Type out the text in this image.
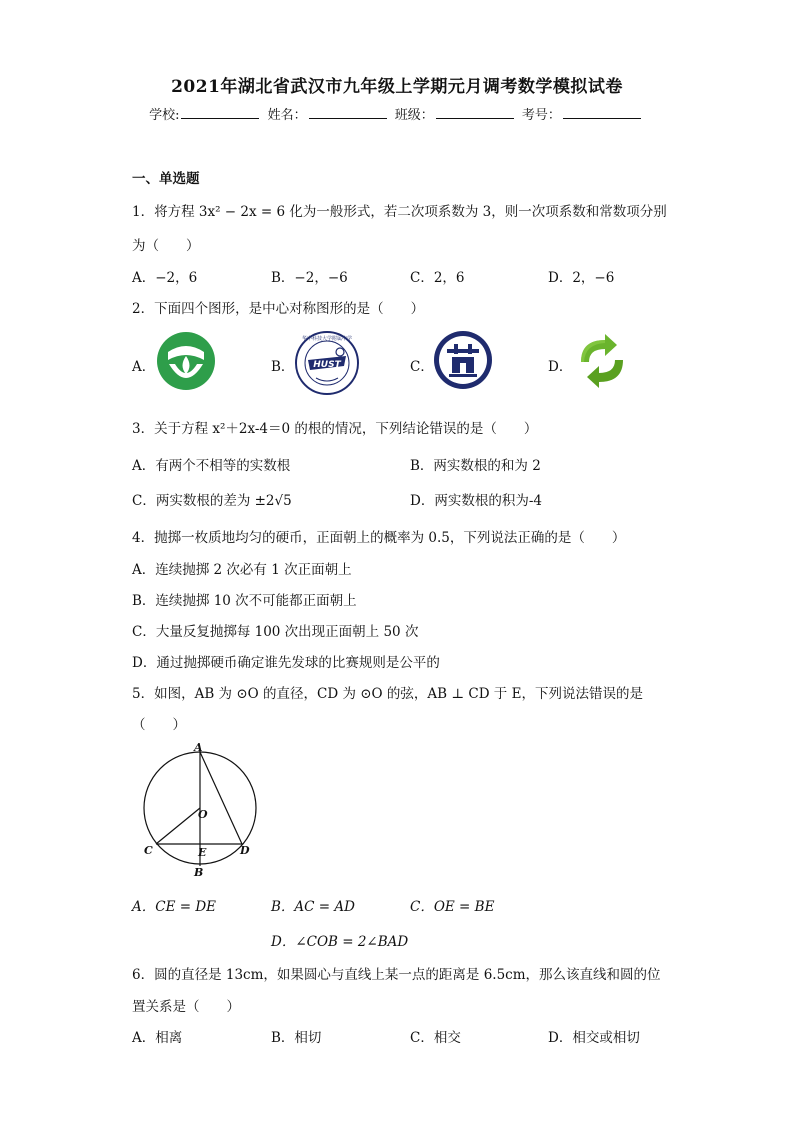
2021年湖北省武汉市九年级上学期元月调考数学模拟试卷
学校:	姓名：	班级：	考号：
一、单选题
1．将方程 3x² − 2x = 6 化为一般形式，若二次项系数为 3，则一次项系数和常数项分别
为（　　）
A．−2，6	B．−2，−6	C．2，6	D．2，−6
2．下面四个图形，是中心对称图形的是（　　）
A．	B．	C．	D．
HUST
华中科技大学附属中学
3．关于方程 x²＋2x-4＝0 的根的情况，下列结论错误的是（　　）
A．有两个不相等的实数根	B．两实数根的和为 2
C．两实数根的差为 ±2√5	D．两实数根的积为-4
4．抛掷一枚质地均匀的硬币，正面朝上的概率为 0.5，下列说法正确的是（　　）
A．连续抛掷 2 次必有 1 次正面朝上
B．连续抛掷 10 次不可能都正面朝上
C．大量反复抛掷每 100 次出现正面朝上 50 次
D．通过抛掷硬币确定谁先发球的比赛规则是公平的
5．如图，AB 为 ⊙O 的直径，CD 为 ⊙O 的弦，AB ⊥ CD 于 E，下列说法错误的是
（　　）
A
O
C	E	D
B
A．CE = DE	B．AC = AD	C．OE = BE
D．∠COB = 2∠BAD
6．圆的直径是 13cm，如果圆心与直线上某一点的距离是 6.5cm，那么该直线和圆的位
置关系是（　　）
A．相离	B．相切	C．相交	D．相交或相切
